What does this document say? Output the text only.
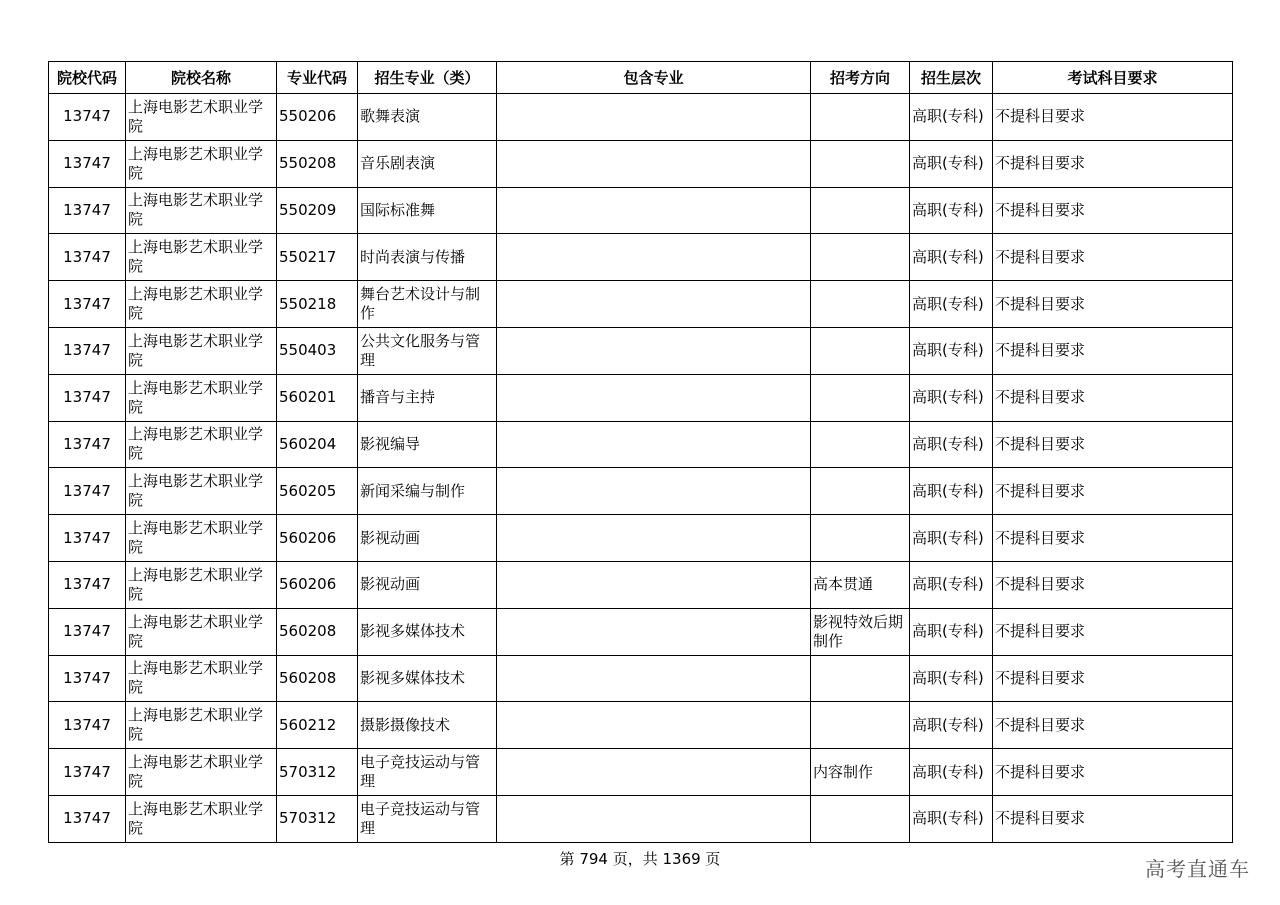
院校代码	院校名称	专业代码	招生专业（类）	包含专业	招考方向	招生层次	考试科目要求
13747	上海电影艺术职业学院	550206	歌舞表演			高职(专科)	不提科目要求
13747	上海电影艺术职业学院	550208	音乐剧表演			高职(专科)	不提科目要求
13747	上海电影艺术职业学院	550209	国际标准舞			高职(专科)	不提科目要求
13747	上海电影艺术职业学院	550217	时尚表演与传播			高职(专科)	不提科目要求
13747	上海电影艺术职业学院	550218	舞台艺术设计与制作			高职(专科)	不提科目要求
13747	上海电影艺术职业学院	550403	公共文化服务与管理			高职(专科)	不提科目要求
13747	上海电影艺术职业学院	560201	播音与主持			高职(专科)	不提科目要求
13747	上海电影艺术职业学院	560204	影视编导			高职(专科)	不提科目要求
13747	上海电影艺术职业学院	560205	新闻采编与制作			高职(专科)	不提科目要求
13747	上海电影艺术职业学院	560206	影视动画			高职(专科)	不提科目要求
13747	上海电影艺术职业学院	560206	影视动画		高本贯通	高职(专科)	不提科目要求
13747	上海电影艺术职业学院	560208	影视多媒体技术		影视特效后期制作	高职(专科)	不提科目要求
13747	上海电影艺术职业学院	560208	影视多媒体技术			高职(专科)	不提科目要求
13747	上海电影艺术职业学院	560212	摄影摄像技术			高职(专科)	不提科目要求
13747	上海电影艺术职业学院	570312	电子竞技运动与管理		内容制作	高职(专科)	不提科目要求
13747	上海电影艺术职业学院	570312	电子竞技运动与管理			高职(专科)	不提科目要求
第 794 页，共 1369 页	高考直通车
